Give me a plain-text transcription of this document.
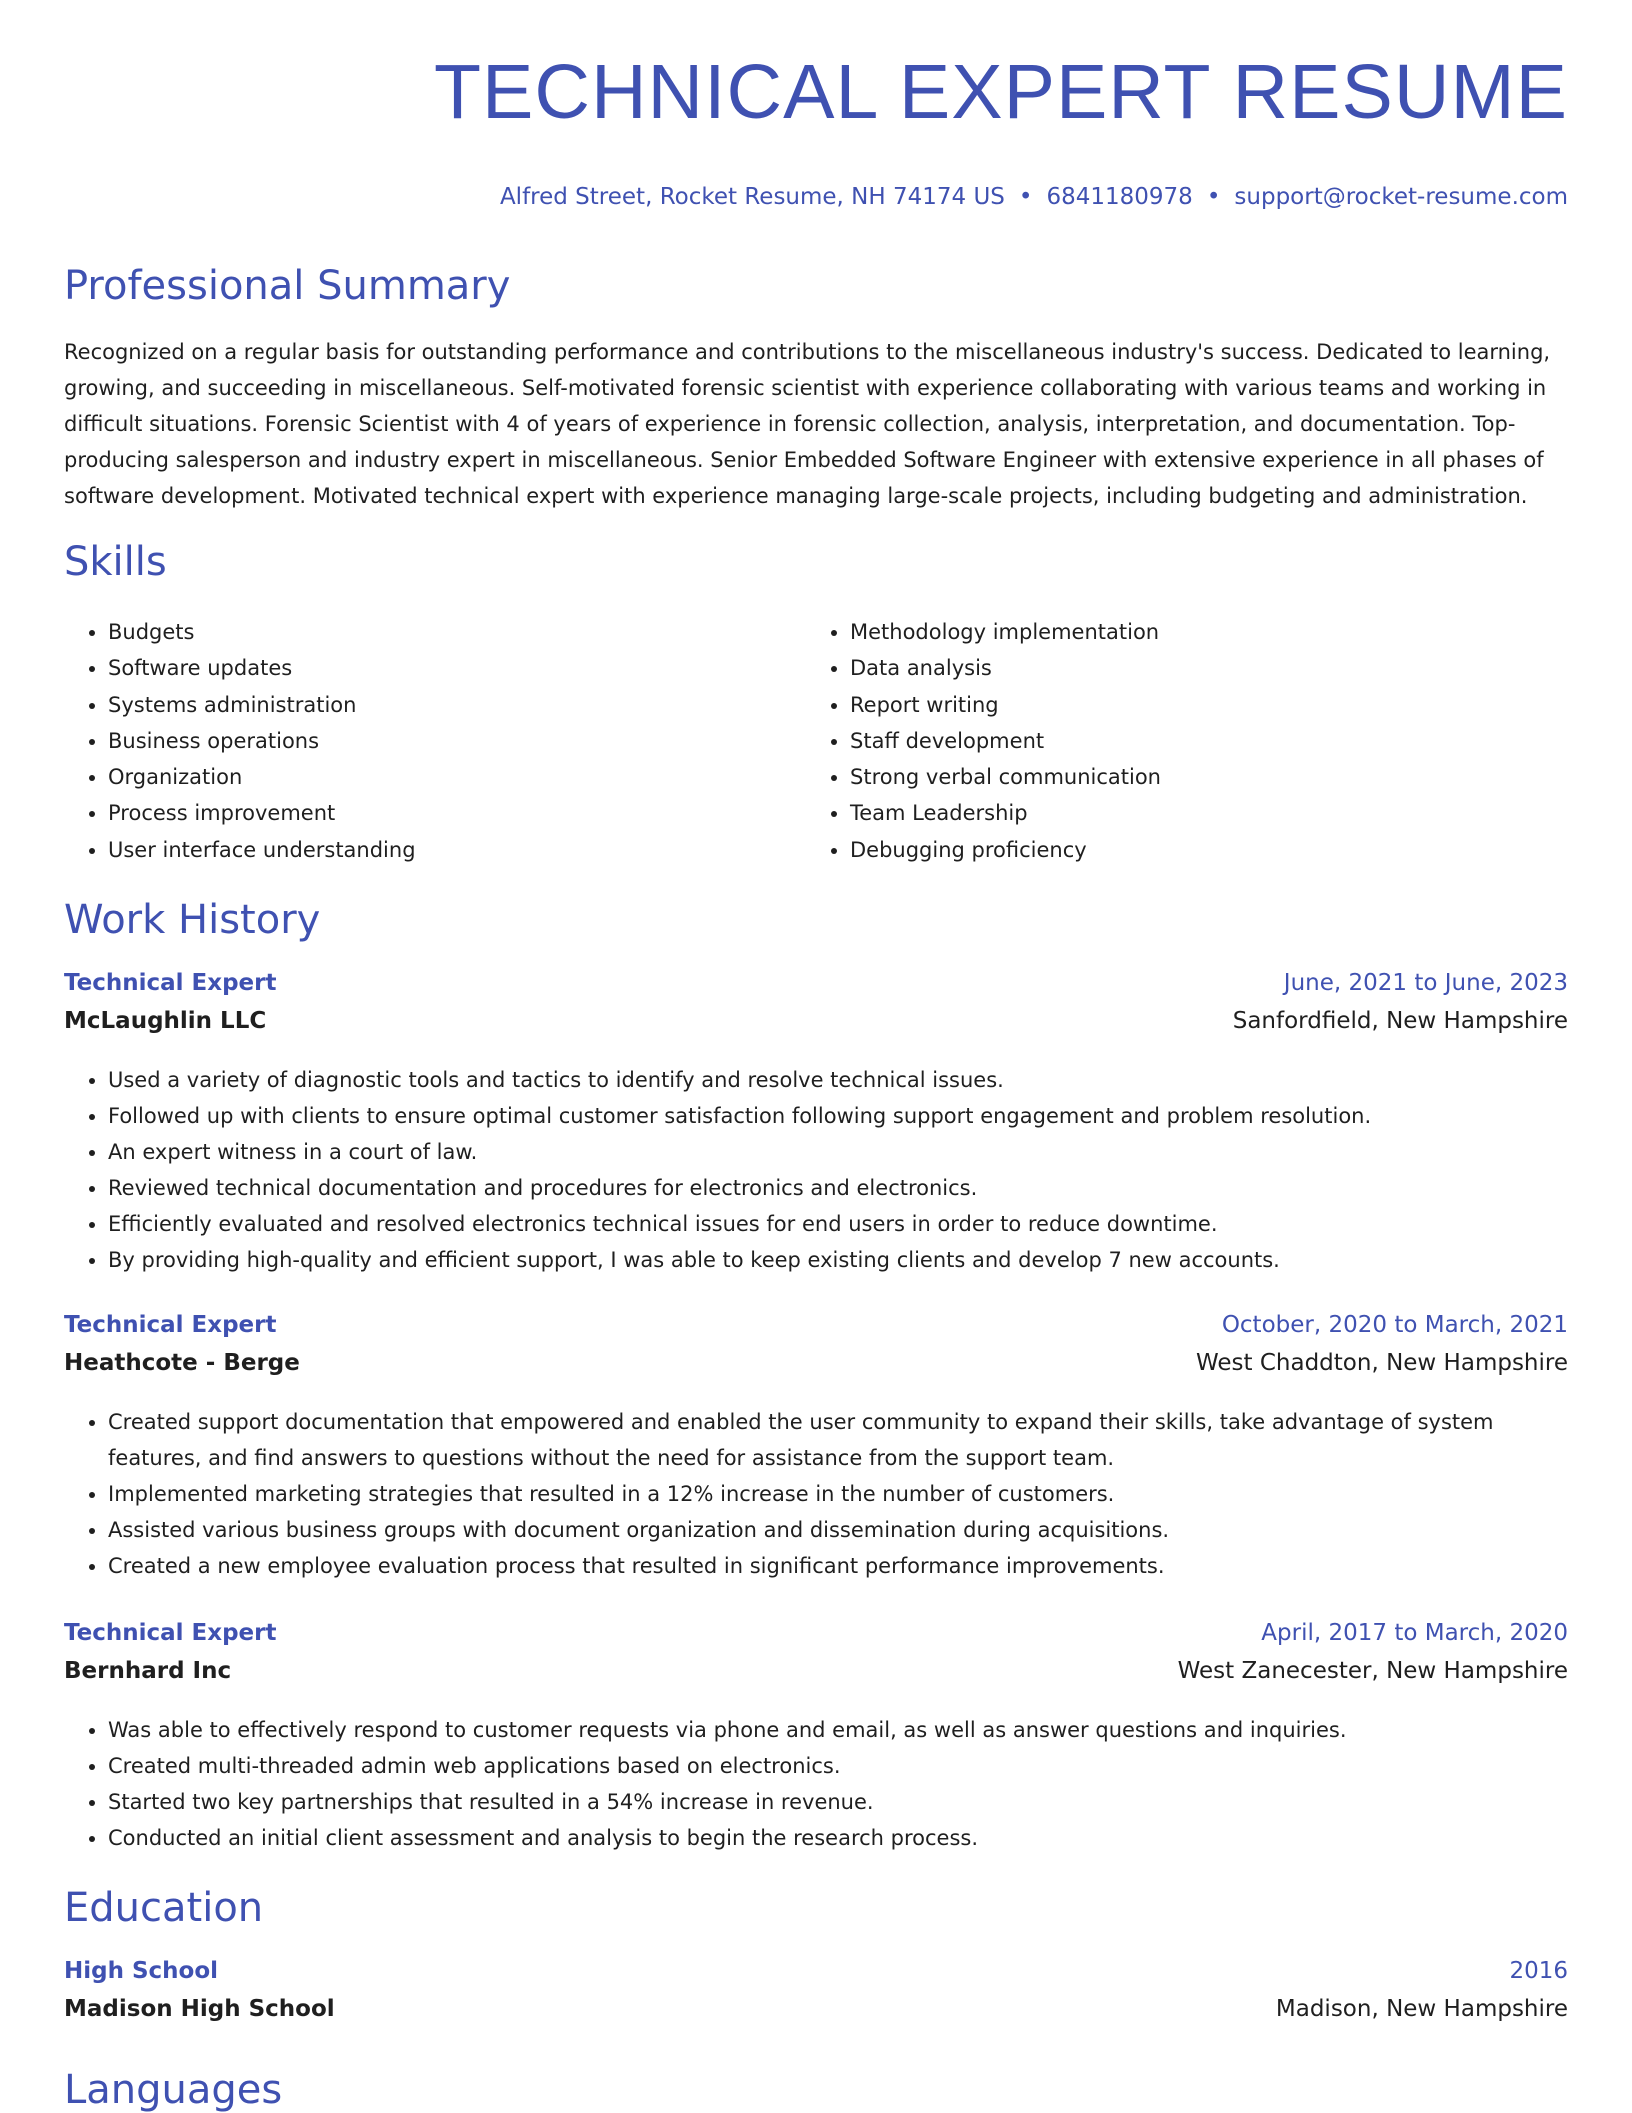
TECHNICAL EXPERT RESUME
Alfred Street, Rocket Resume, NH 74174 US • 6841180978 • support@rocket-resume.com
Professional Summary

Recognized on a regular basis for outstanding performance and contributions to the miscellaneous industry's success. Dedicated to learning, growing, and succeeding in miscellaneous. Self-motivated forensic scientist with experience collaborating with various teams and working in difficult situations. Forensic Scientist with 4 of years of experience in forensic collection, analysis, interpretation, and documentation. Top-producing salesperson and industry expert in miscellaneous. Senior Embedded Software Engineer with extensive experience in all phases of software development. Motivated technical expert with experience managing large-scale projects, including budgeting and administration.

Skills
• Budgets
• Software updates
• Systems administration
• Business operations
• Organization
• Process improvement
• User interface understanding
• Methodology implementation
• Data analysis
• Report writing
• Staff development
• Strong verbal communication
• Team Leadership
• Debugging proficiency
Work History
Technical Expert	June, 2021 to June, 2023
McLaughlin LLC	Sanfordfield, New Hampshire
• Used a variety of diagnostic tools and tactics to identify and resolve technical issues.
• Followed up with clients to ensure optimal customer satisfaction following support engagement and problem resolution.
• An expert witness in a court of law.
• Reviewed technical documentation and procedures for electronics and electronics.
• Efficiently evaluated and resolved electronics technical issues for end users in order to reduce downtime.
• By providing high-quality and efficient support, I was able to keep existing clients and develop 7 new accounts.
Technical Expert	October, 2020 to March, 2021
Heathcote - Berge	West Chaddton, New Hampshire
• Created support documentation that empowered and enabled the user community to expand their skills, take advantage of system features, and find answers to questions without the need for assistance from the support team.
• Implemented marketing strategies that resulted in a 12% increase in the number of customers.
• Assisted various business groups with document organization and dissemination during acquisitions.
• Created a new employee evaluation process that resulted in significant performance improvements.
Technical Expert	April, 2017 to March, 2020
Bernhard Inc	West Zanecester, New Hampshire
• Was able to effectively respond to customer requests via phone and email, as well as answer questions and inquiries.
• Created multi-threaded admin web applications based on electronics.
• Started two key partnerships that resulted in a 54% increase in revenue.
• Conducted an initial client assessment and analysis to begin the research process.
Education
High School	2016
Madison High School	Madison, New Hampshire
Languages
